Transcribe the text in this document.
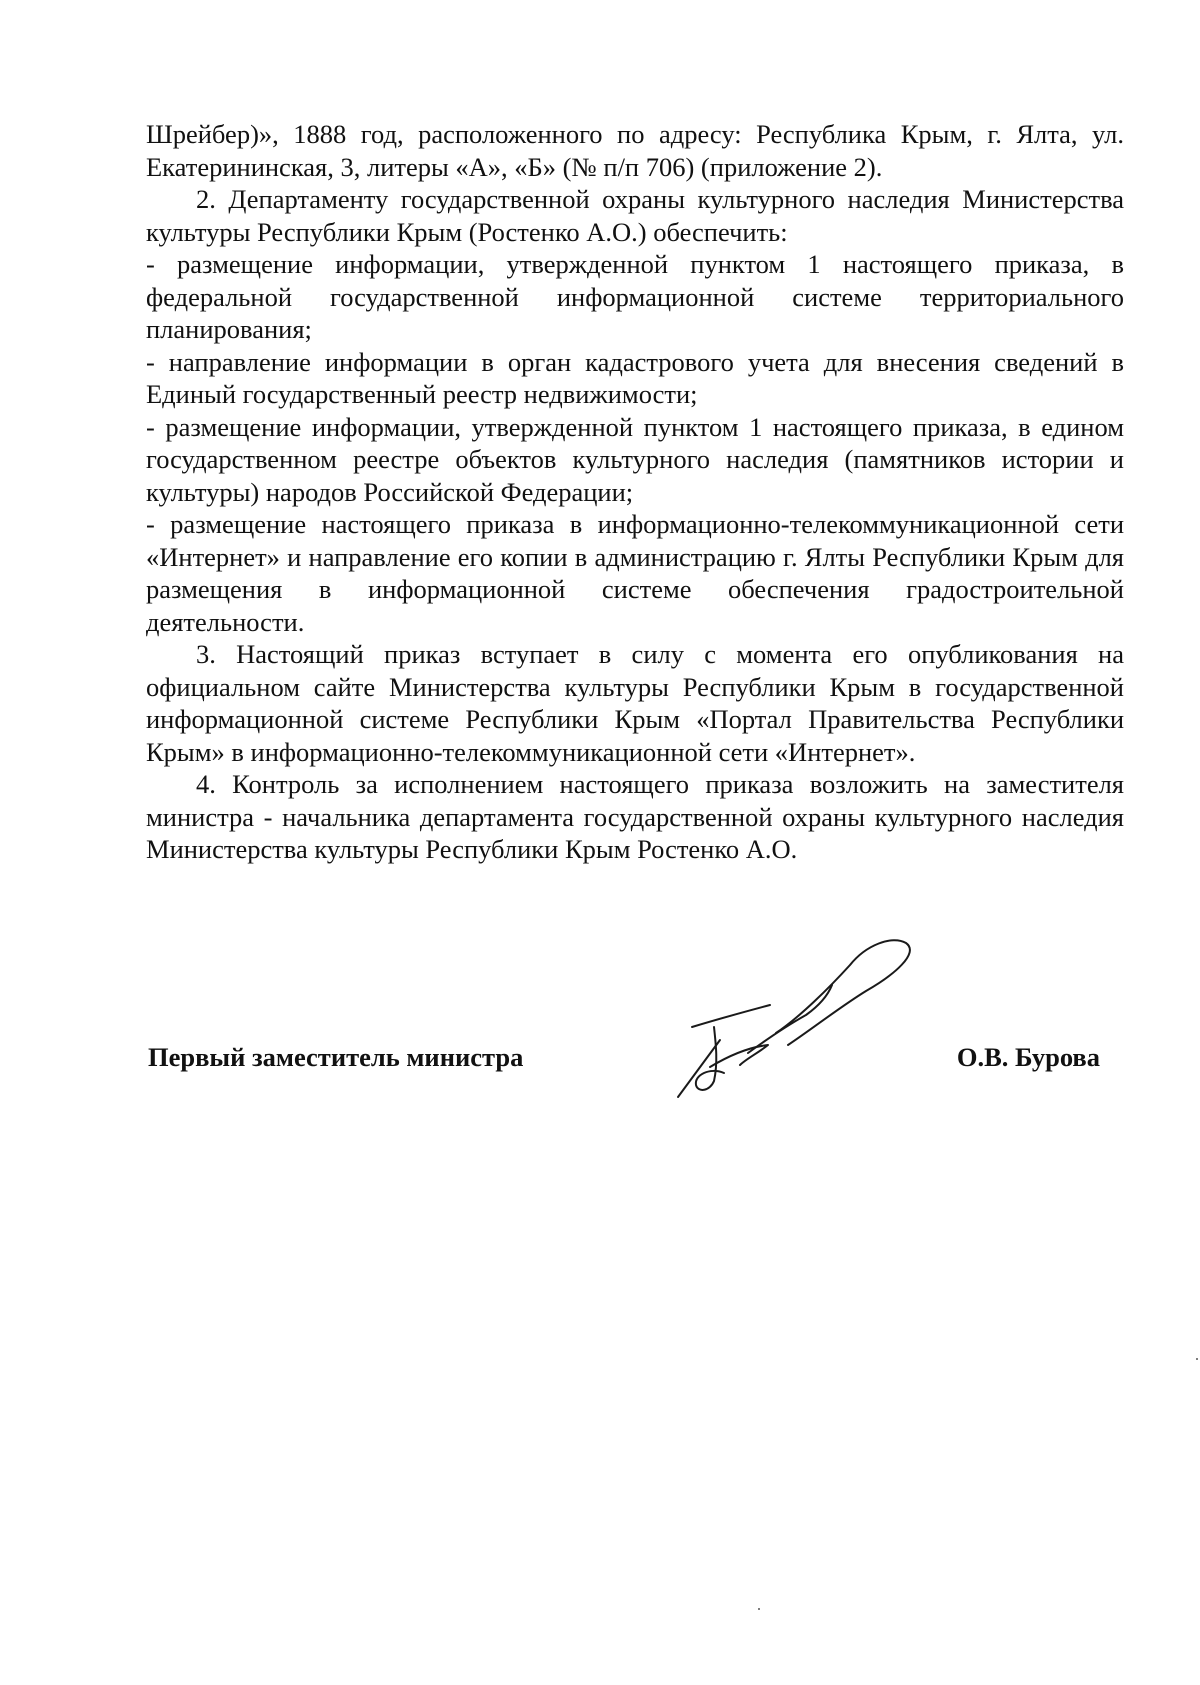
Шрейбер)», 1888 год, расположенного по адресу: Республика Крым, г. Ялта, ул. Екатерининская, 3, литеры «А», «Б» (№ п/п 706) (приложение 2).

2. Департаменту государственной охраны культурного наследия Министерства культуры Республики Крым (Ростенко А.О.) обеспечить:

- размещение информации, утвержденной пунктом 1 настоящего приказа, в федеральной государственной информационной системе территориального планирования;

- направление информации в орган кадастрового учета для внесения сведений в Единый государственный реестр недвижимости;

- размещение информации, утвержденной пунктом 1 настоящего приказа, в едином государственном реестре объектов культурного наследия (памятников истории и культуры) народов Российской Федерации;

- размещение настоящего приказа в информационно-телекоммуникационной сети «Интернет» и направление его копии в администрацию г. Ялты Республики Крым для размещения в информационной системе обеспечения градостроительной деятельности.

3. Настоящий приказ вступает в силу с момента его опубликования на официальном сайте Министерства культуры Республики Крым в государственной информационной системе Республики Крым «Портал Правительства Республики Крым» в информационно-телекоммуникационной сети «Интернет».

4. Контроль за исполнением настоящего приказа возложить на заместителя министра - начальника департамента государственной охраны культурного наследия Министерства культуры Республики Крым Ростенко А.О.

Первый заместитель министра	О.В. Бурова
